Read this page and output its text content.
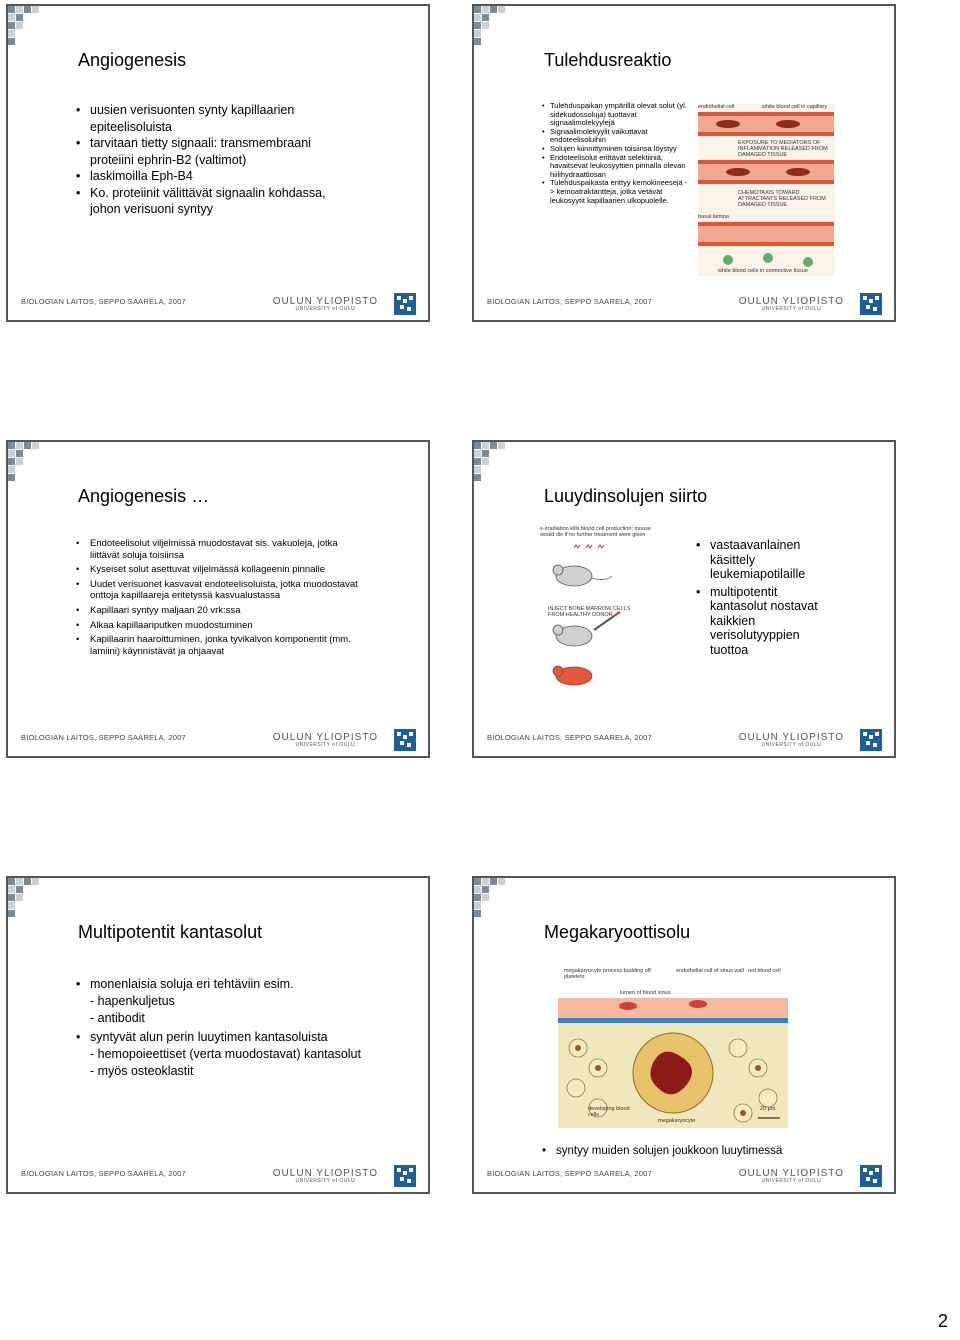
Angiogenesis
• uusien verisuonten synty kapillaarien epiteelisoluista
• tarvitaan tietty signaali: transmembraani proteiini ephrin-B2 (valtimot)
• laskimoilla Eph-B4
• Ko. proteiinit välittävät signaalin kohdassa, johon verisuoni syntyy
BIOLOGIAN LAITOS, SEPPO SAARELA, 2007	OULUN YLIOPISTO
UNIVERSITY of OULU
Tulehdusreaktio
• Tulehduspaikan ympärillä olevat solut (yl. sidekudossoluja) tuottavat signaalimolekyylejä
• Signaalimolekyylit vaikuttavat endoteelisoluihin
• Solujen kiinnittyminen toisiinsa löystyy
• Endoteelisolut erittävät selektiiniä, havaitsevat leukosyyttien pinnalla olevan hiilihydraattiosan
• Tulehduspaikasta erittyy kemokineesejä -> kemoatraktantteja, jotka vetävät leukosyytit kapillaarien ulkopuolelle.
endothelial cell	white blood cell in capillary
EXPOSURE TO MEDIATORS OF INFLAMMATION RELEASED FROM DAMAGED TISSUE
CHEMOTAXIS TOWARD ATTRACTANTS RELEASED FROM DAMAGED TISSUE
basal lamina
white blood cells in connective tissue
BIOLOGIAN LAITOS, SEPPO SAARELA, 2007	OULUN YLIOPISTO
UNIVERSITY of OULU
Angiogenesis …
• Endoteelisolut viljelmissä muodostavat sis. vakuoleja, jotka liittävät soluja toisiinsa
• Kyseiset solut asettuvat viljelmässä kollageenin pinnalle
• Uudet verisuonet kasvavat endoteelisoluista, jotka muodostavat onttoja kapillaareja eritetyssä kasvualustassa
• Kapillaari syntyy maljaan 20 vrk:ssa
• Alkaa kapillaariputken muodostuminen
• Kapillaarin haaroittuminen, jonka tyvikalvon komponentit (mm. lamiini) käynnistävät ja ohjaavat
BIOLOGIAN LAITOS, SEPPO SAARELA, 2007	OULUN YLIOPISTO
UNIVERSITY of OULU
Luuydinsolujen siirto
x-irradiation kills blood cell production; mouse would die if no further treatment were given
INJECT BONE MARROW CELLS FROM HEALTHY DONOR
• vastaavanlainen käsittely leukemiapotilaille
• multipotentit kantasolut nostavat kaikkien verisolutyyppien tuottoa
BIOLOGIAN LAITOS, SEPPO SAARELA, 2007	OULUN YLIOPISTO
UNIVERSITY of OULU
Multipotentit kantasolut
• monenlaisia soluja eri tehtäviin esim.
- hapenkuljetus
- antibodit
• syntyvät alun perin luuytimen kantasoluista
- hemopoieettiset (verta muodostavat) kantasolut
- myös osteoklastit
BIOLOGIAN LAITOS, SEPPO SAARELA, 2007	OULUN YLIOPISTO
UNIVERSITY of OULU
Megakaryoottisolu
megakaryocyte process budding off platelets
lumen of blood sinus
endothelial cell of sinus wall red blood cell
developing blood cells
megakaryocyte
20 µm
• syntyy muiden solujen joukkoon luuytimessä
BIOLOGIAN LAITOS, SEPPO SAARELA, 2007	OULUN YLIOPISTO
UNIVERSITY of OULU
2
